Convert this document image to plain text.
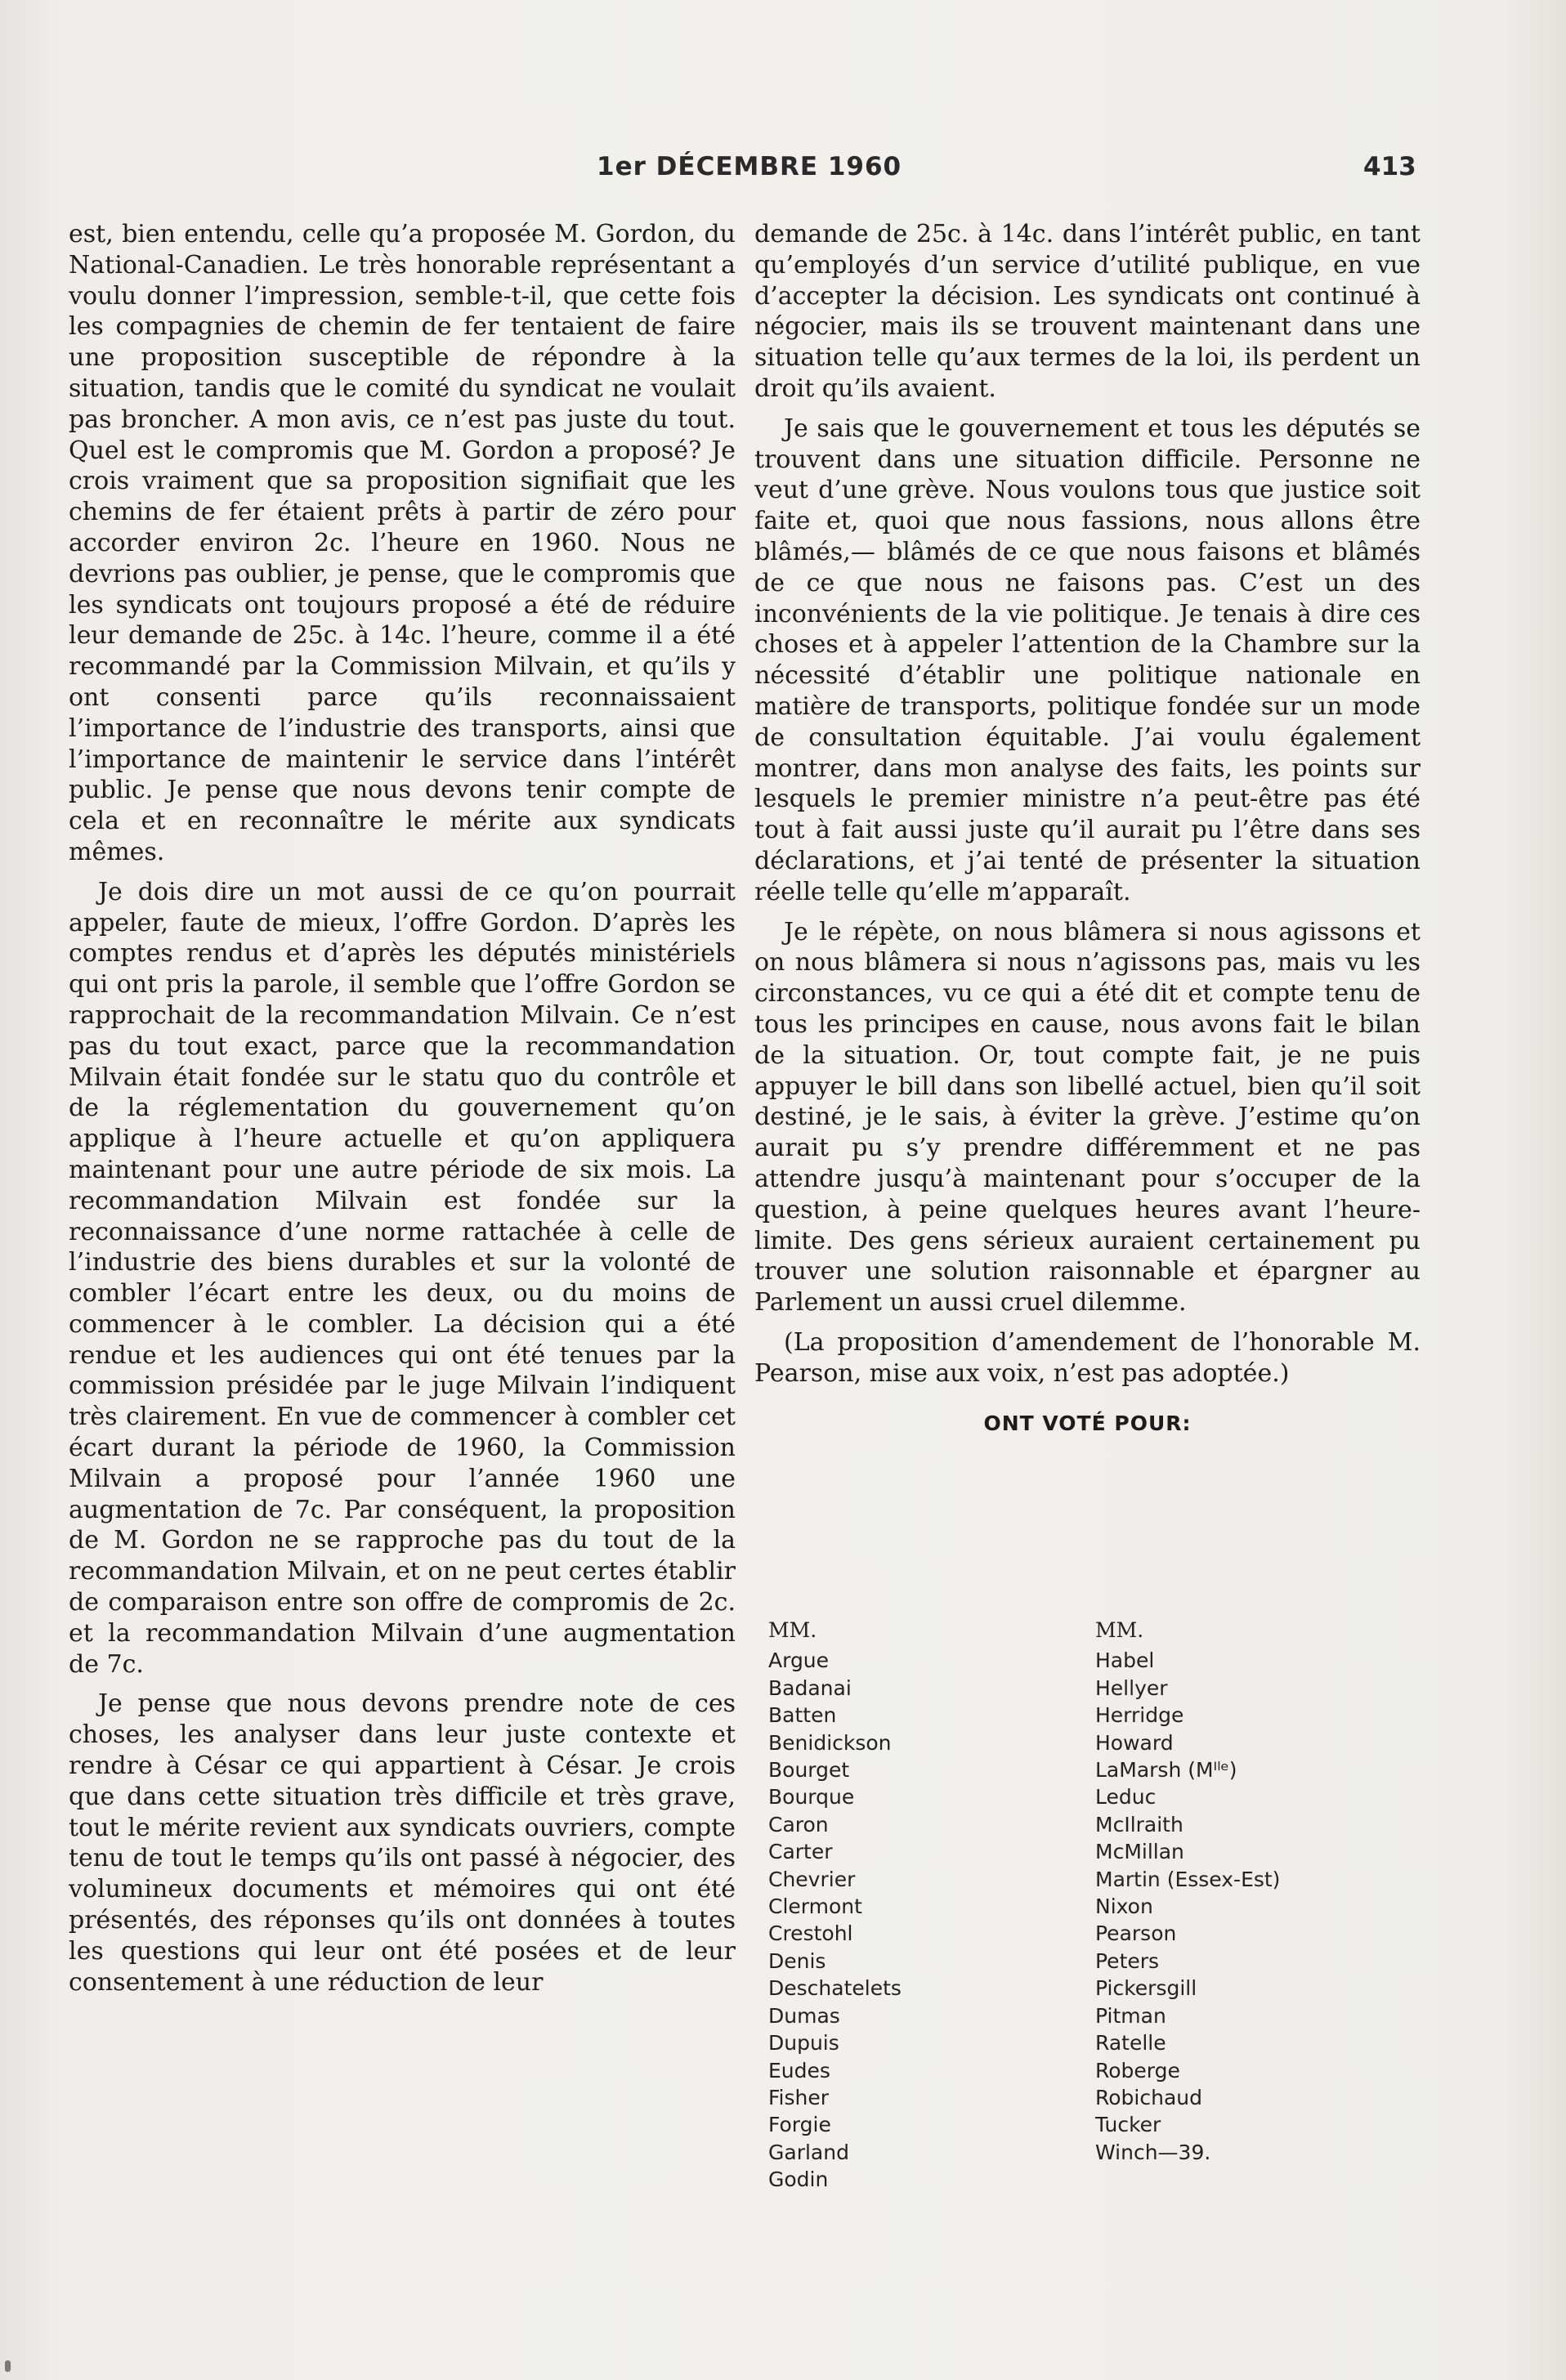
1er DÉCEMBRE 1960	413

est, bien entendu, celle qu’a proposée M. Gordon, du National-Canadien. Le très honorable représentant a voulu donner l’impression, semble-t-il, que cette fois les compagnies de chemin de fer tentaient de faire une proposition susceptible de répondre à la situation, tandis que le comité du syndicat ne voulait pas broncher. A mon avis, ce n’est pas juste du tout. Quel est le compromis que M. Gordon a proposé? Je crois vraiment que sa proposition signifiait que les chemins de fer étaient prêts à partir de zéro pour accorder environ 2c. l’heure en 1960. Nous ne devrions pas oublier, je pense, que le compromis que les syndicats ont toujours proposé a été de réduire leur demande de 25c. à 14c. l’heure, comme il a été recommandé par la Commission Milvain, et qu’ils y ont consenti parce qu’ils reconnaissaient l’importance de l’industrie des transports, ainsi que l’importance de maintenir le service dans l’intérêt public. Je pense que nous devons tenir compte de cela et en reconnaître le mérite aux syndicats mêmes.

Je dois dire un mot aussi de ce qu’on pourrait appeler, faute de mieux, l’offre Gordon. D’après les comptes rendus et d’après les députés ministériels qui ont pris la parole, il semble que l’offre Gordon se rapprochait de la recommandation Milvain. Ce n’est pas du tout exact, parce que la recommandation Milvain était fondée sur le statu quo du contrôle et de la réglementation du gouvernement qu’on applique à l’heure actuelle et qu’on appliquera maintenant pour une autre période de six mois. La recommandation Milvain est fondée sur la reconnaissance d’une norme rattachée à celle de l’industrie des biens durables et sur la volonté de combler l’écart entre les deux, ou du moins de commencer à le combler. La décision qui a été rendue et les audiences qui ont été tenues par la commission présidée par le juge Milvain l’indiquent très clairement. En vue de commencer à combler cet écart durant la période de 1960, la Commission Milvain a proposé pour l’année 1960 une augmentation de 7c. Par conséquent, la proposition de M. Gordon ne se rapproche pas du tout de la recommandation Milvain, et on ne peut certes établir de comparaison entre son offre de compromis de 2c. et la recommandation Milvain d’une augmentation de 7c.

Je pense que nous devons prendre note de ces choses, les analyser dans leur juste contexte et rendre à César ce qui appartient à César. Je crois que dans cette situation très difficile et très grave, tout le mérite revient aux syndicats ouvriers, compte tenu de tout le temps qu’ils ont passé à négocier, des volumineux documents et mémoires qui ont été présentés, des réponses qu’ils ont données à toutes les questions qui leur ont été posées et de leur consentement à une réduction de leur

demande de 25c. à 14c. dans l’intérêt public, en tant qu’employés d’un service d’utilité publique, en vue d’accepter la décision. Les syndicats ont continué à négocier, mais ils se trouvent maintenant dans une situation telle qu’aux termes de la loi, ils perdent un droit qu’ils avaient.

Je sais que le gouvernement et tous les députés se trouvent dans une situation difficile. Personne ne veut d’une grève. Nous voulons tous que justice soit faite et, quoi que nous fassions, nous allons être blâmés,— blâmés de ce que nous faisons et blâmés de ce que nous ne faisons pas. C’est un des inconvénients de la vie politique. Je tenais à dire ces choses et à appeler l’attention de la Chambre sur la nécessité d’établir une politique nationale en matière de transports, politique fondée sur un mode de consultation équitable. J’ai voulu également montrer, dans mon analyse des faits, les points sur lesquels le premier ministre n’a peut-être pas été tout à fait aussi juste qu’il aurait pu l’être dans ses déclarations, et j’ai tenté de présenter la situation réelle telle qu’elle m’apparaît.

Je le répète, on nous blâmera si nous agissons et on nous blâmera si nous n’agissons pas, mais vu les circonstances, vu ce qui a été dit et compte tenu de tous les principes en cause, nous avons fait le bilan de la situation. Or, tout compte fait, je ne puis appuyer le bill dans son libellé actuel, bien qu’il soit destiné, je le sais, à éviter la grève. J’estime qu’on aurait pu s’y prendre différemment et ne pas attendre jusqu’à maintenant pour s’occuper de la question, à peine quelques heures avant l’heure-limite. Des gens sérieux auraient certainement pu trouver une solution raisonnable et épargner au Parlement un aussi cruel dilemme.

(La proposition d’amendement de l’honorable M. Pearson, mise aux voix, n’est pas adoptée.)

ONT VOTÉ POUR:
MM.
Argue
Badanai
Batten
Benidickson
Bourget
Bourque
Caron
Carter
Chevrier
Clermont
Crestohl
Denis
Deschatelets
Dumas
Dupuis
Eudes
Fisher
Forgie
Garland
Godin
MM.
Habel
Hellyer
Herridge
Howard
LaMarsh (Mᴵˡᵉ)
Leduc
McIlraith
McMillan
Martin (Essex-Est)
Nixon
Pearson
Peters
Pickersgill
Pitman
Ratelle
Roberge
Robichaud
Tucker
Winch—39.
